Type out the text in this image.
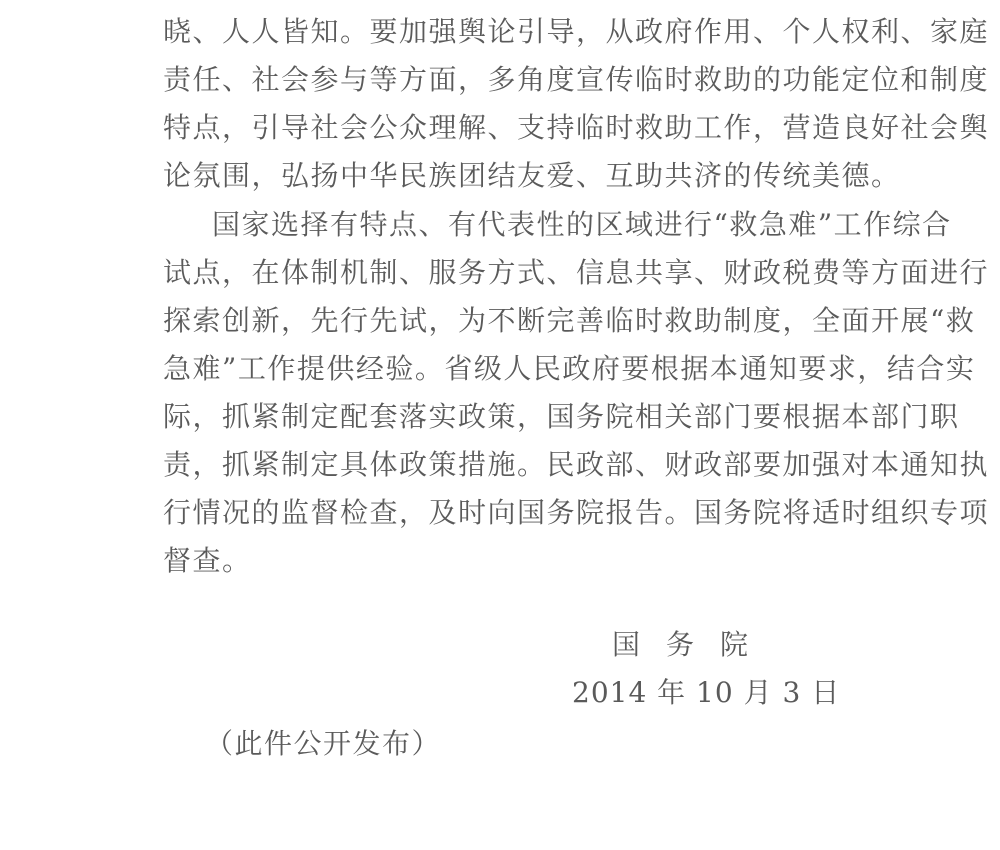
晓、人人皆知。要加强舆论引导，从政府作用、个人权利、家庭
责任、社会参与等方面，多角度宣传临时救助的功能定位和制度
特点，引导社会公众理解、支持临时救助工作，营造良好社会舆
论氛围，弘扬中华民族团结友爱、互助共济的传统美德。
国家选择有特点、有代表性的区域进行“救急难”工作综合
试点，在体制机制、服务方式、信息共享、财政税费等方面进行
探索创新，先行先试，为不断完善临时救助制度，全面开展“救
急难”工作提供经验。省级人民政府要根据本通知要求，结合实
际，抓紧制定配套落实政策，国务院相关部门要根据本部门职
责，抓紧制定具体政策措施。民政部、财政部要加强对本通知执
行情况的监督检查，及时向国务院报告。国务院将适时组织专项
督查。
国务院
2014 年 10 月 3 日
（此件公开发布）
